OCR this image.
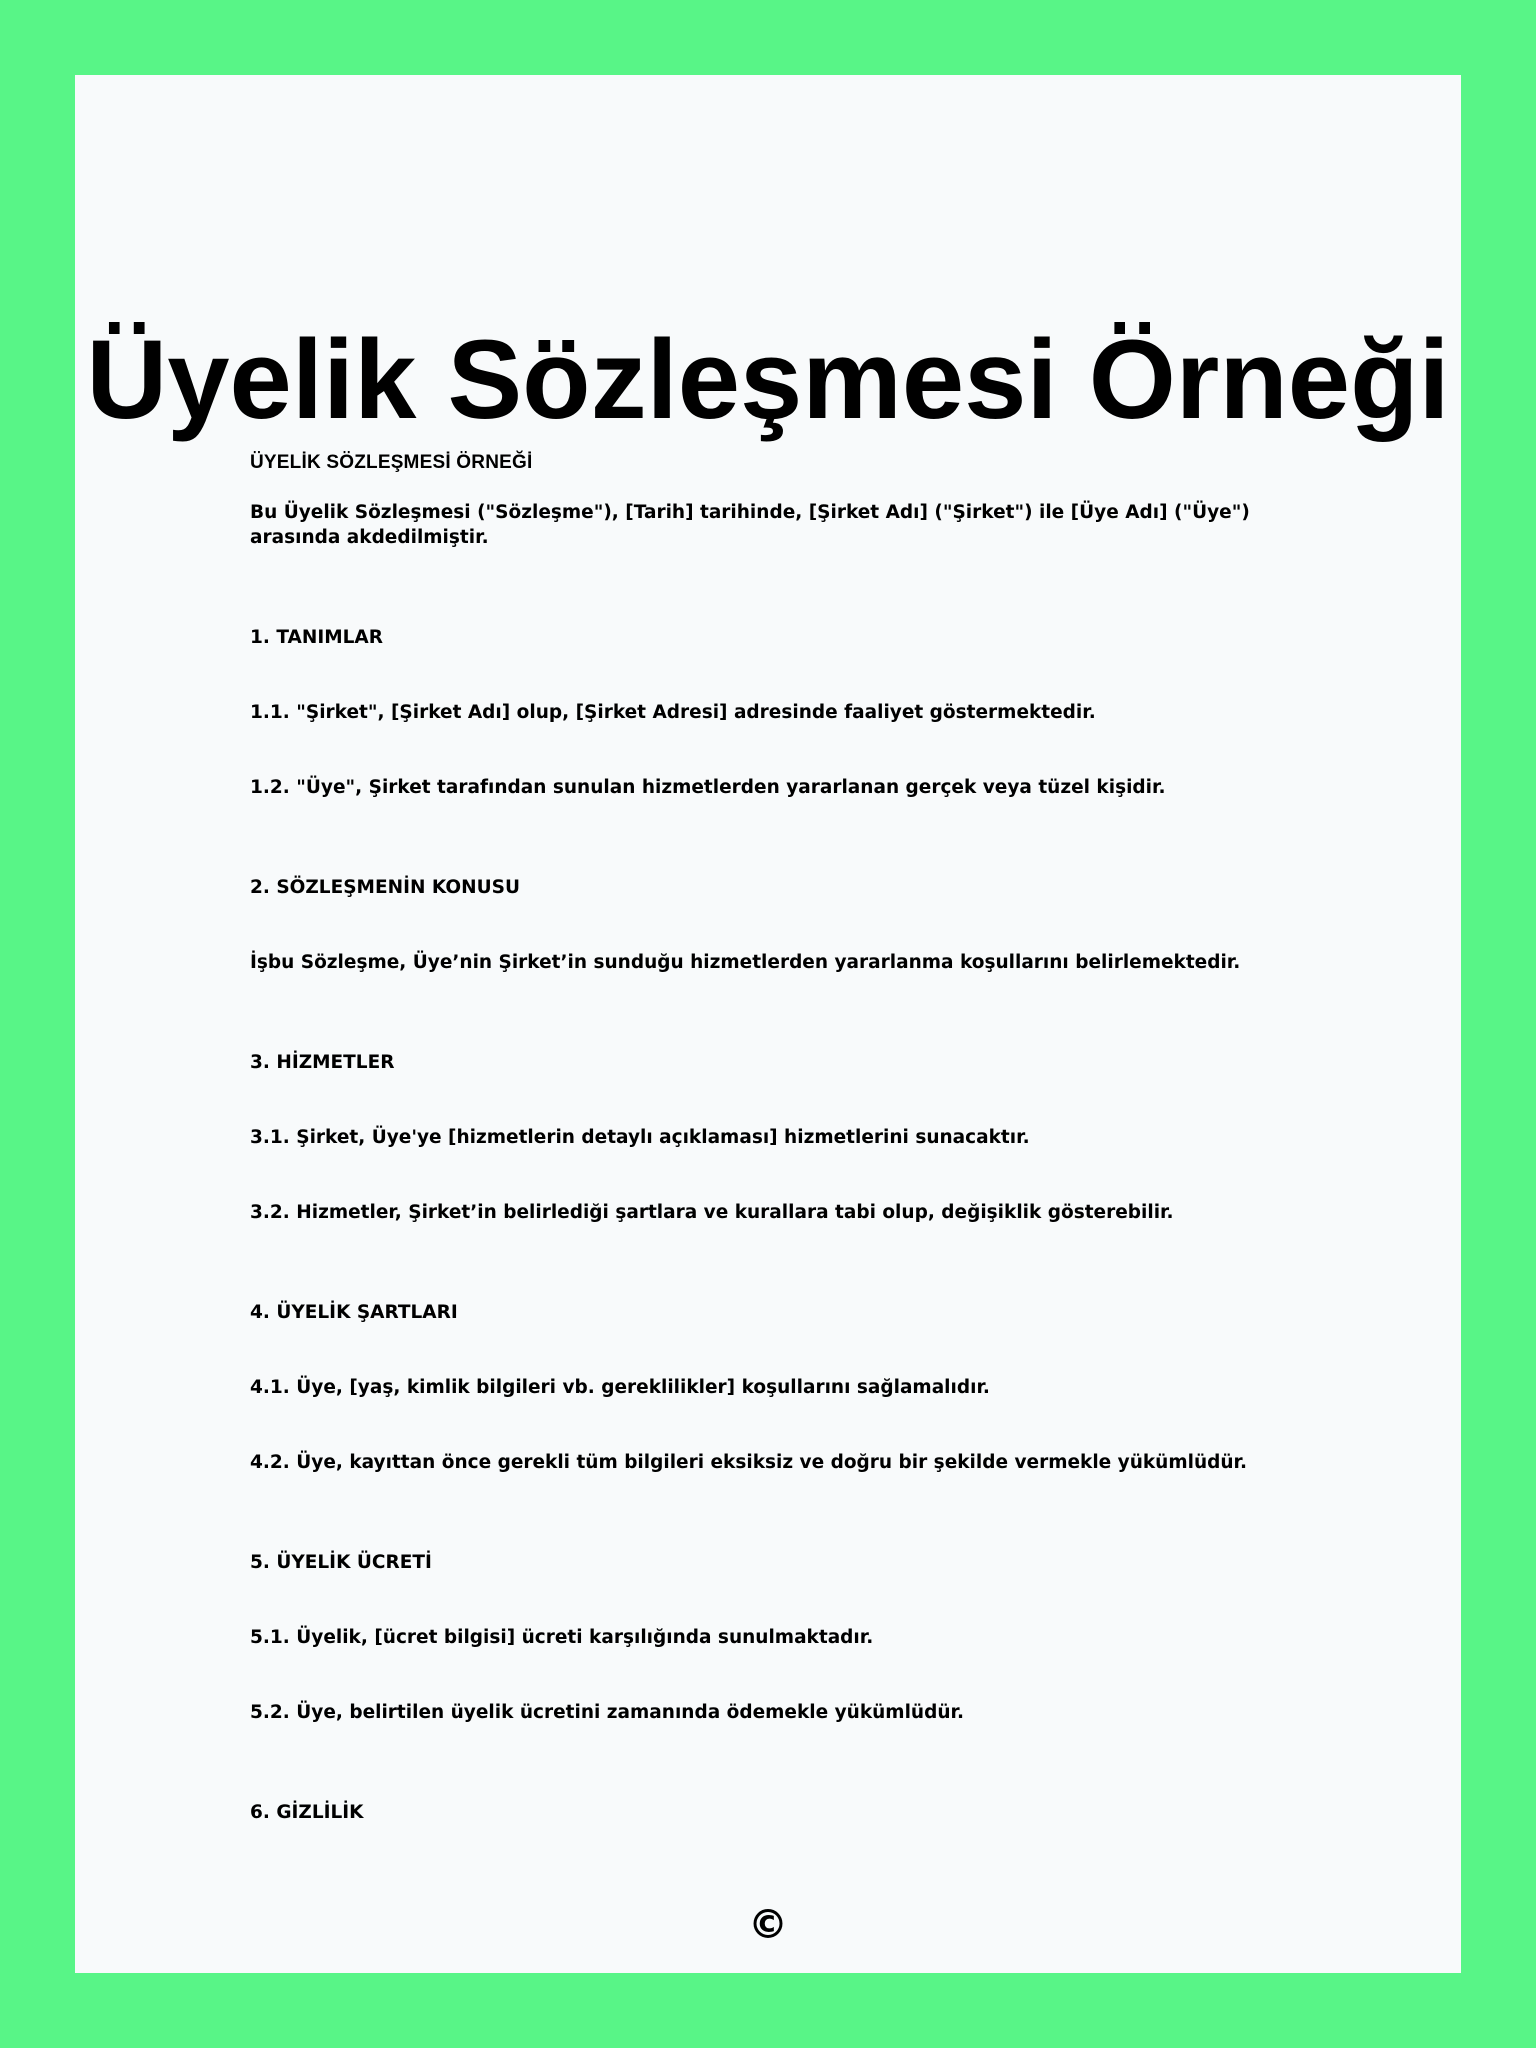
Üyelik Sözleşmesi Örneği

ÜYELİK SÖZLEŞMESİ ÖRNEĞİ

Bu Üyelik Sözleşmesi ("Sözleşme"), [Tarih] tarihinde, [Şirket Adı] ("Şirket") ile [Üye Adı] ("Üye") arasında akdedilmiştir.

1. TANIMLAR

1.1. "Şirket", [Şirket Adı] olup, [Şirket Adresi] adresinde faaliyet göstermektedir.

1.2. "Üye", Şirket tarafından sunulan hizmetlerden yararlanan gerçek veya tüzel kişidir.

2. SÖZLEŞMENİN KONUSU

İşbu Sözleşme, Üye’nin Şirket’in sunduğu hizmetlerden yararlanma koşullarını belirlemektedir.

3. HİZMETLER

3.1. Şirket, Üye'ye [hizmetlerin detaylı açıklaması] hizmetlerini sunacaktır.

3.2. Hizmetler, Şirket’in belirlediği şartlara ve kurallara tabi olup, değişiklik gösterebilir.

4. ÜYELİK ŞARTLARI

4.1. Üye, [yaş, kimlik bilgileri vb. gereklilikler] koşullarını sağlamalıdır.

4.2. Üye, kayıttan önce gerekli tüm bilgileri eksiksiz ve doğru bir şekilde vermekle yükümlüdür.

5. ÜYELİK ÜCRETİ

5.1. Üyelik, [ücret bilgisi] ücreti karşılığında sunulmaktadır.

5.2. Üye, belirtilen üyelik ücretini zamanında ödemekle yükümlüdür.

6. GİZLİLİK

©
